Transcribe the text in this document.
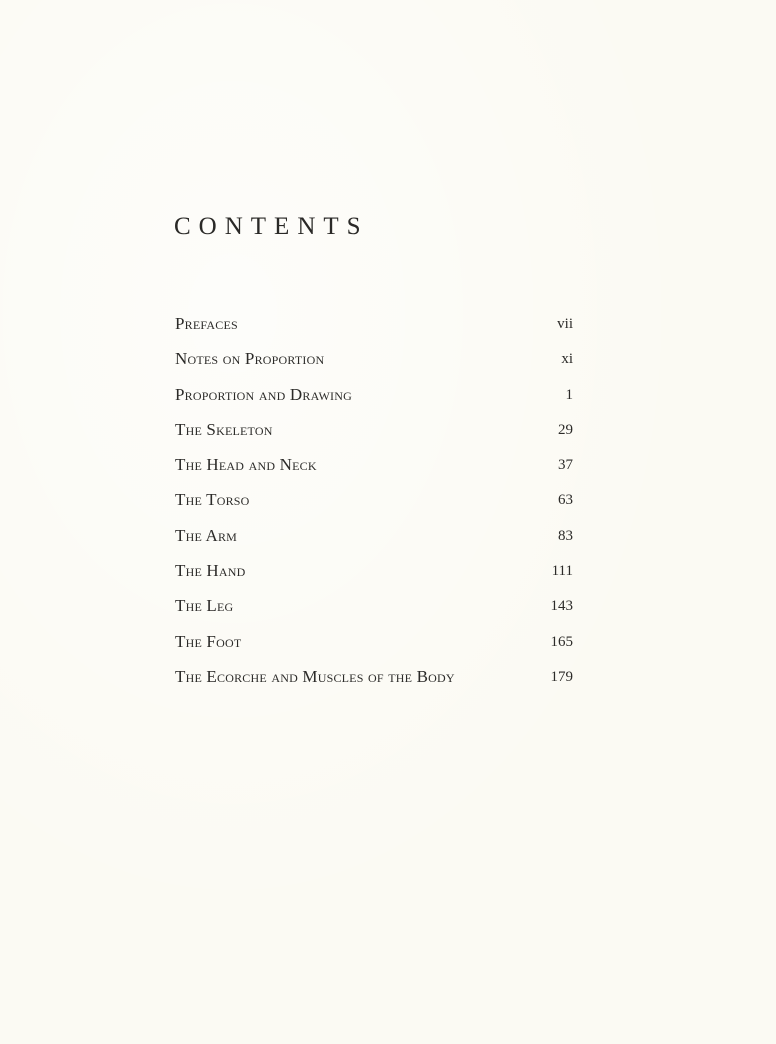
CONTENTS
Prefaces	vii
Notes on Proportion	xi
Proportion and Drawing	1
The Skeleton	29
The Head and Neck	37
The Torso	63
The Arm	83
The Hand	111
The Leg	143
The Foot	165
The Ecorche and Muscles of the Body	179
